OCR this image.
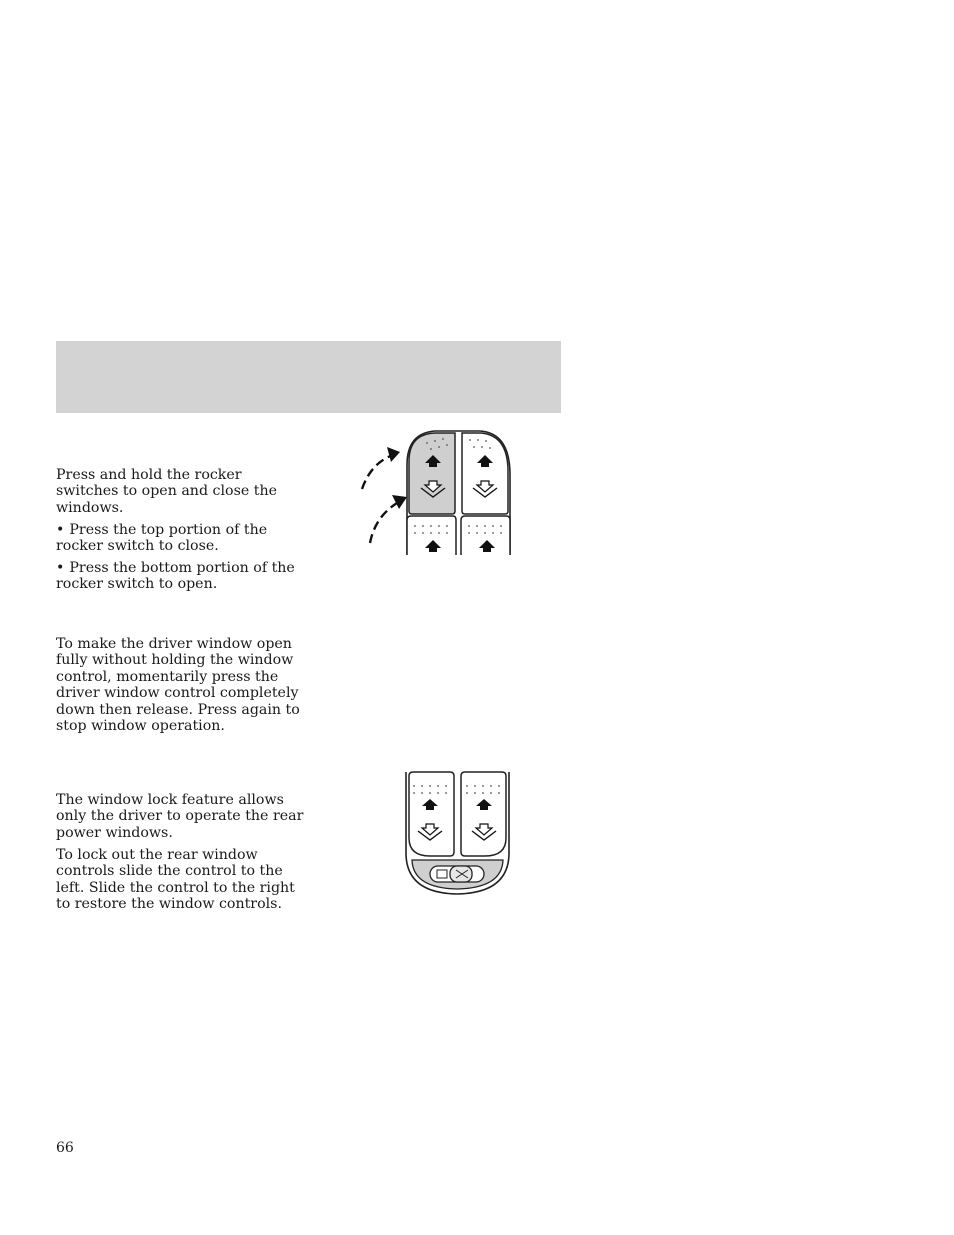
Press and hold the rocker switches to open and close the windows.

• Press the top portion of the rocker switch to close.

• Press the bottom portion of the rocker switch to open.

To make the driver window open fully without holding the window control, momentarily press the driver window control completely down then release. Press again to stop window operation.

The window lock feature allows only the driver to operate the rear power windows.

To lock out the rear window controls slide the control to the left. Slide the control to the right to restore the window controls.

66
